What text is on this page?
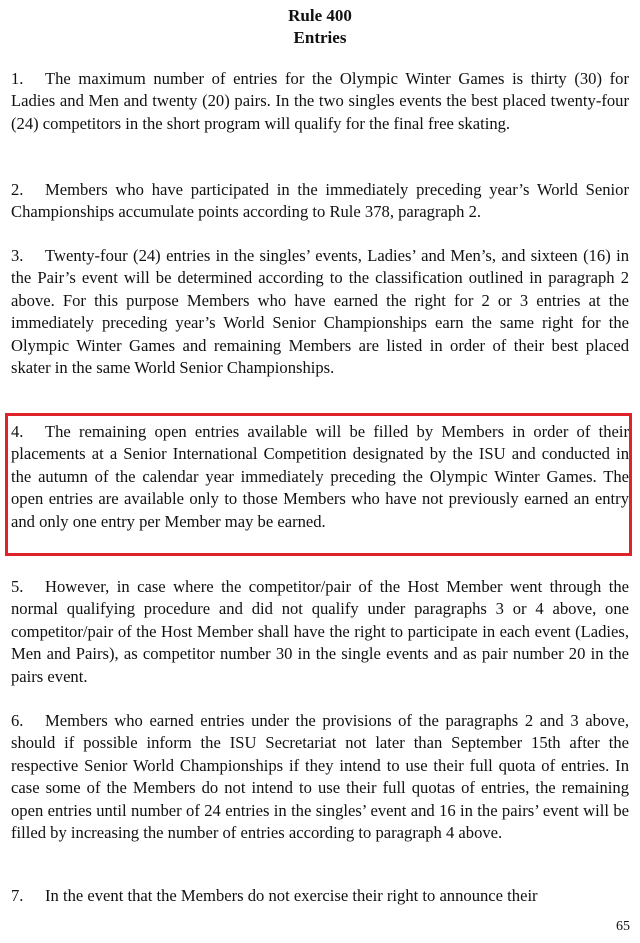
Rule 400
Entries
1. The maximum number of entries for the Olympic Winter Games is thirty (30) for Ladies and Men and twenty (20) pairs. In the two singles events the best placed twenty-four (24) competitors in the short program will qualify for the final free skating.
2. Members who have participated in the immediately preceding year’s World Senior Championships accumulate points according to Rule 378, paragraph 2.
3. Twenty-four (24) entries in the singles’ events, Ladies’ and Men’s, and sixteen (16) in the Pair’s event will be determined according to the classification outlined in paragraph 2 above. For this purpose Members who have earned the right for 2 or 3 entries at the immediately preceding year’s World Senior Championships earn the same right for the Olympic Winter Games and remaining Members are listed in order of their best placed skater in the same World Senior Championships.
4. The remaining open entries available will be filled by Members in order of their placements at a Senior International Competition designated by the ISU and conducted in the autumn of the calendar year immediately preceding the Olympic Winter Games. The open entries are available only to those Members who have not previously earned an entry and only one entry per Member may be earned.
5. However, in case where the competitor/pair of the Host Member went through the normal qualifying procedure and did not qualify under paragraphs 3 or 4 above, one competitor/pair of the Host Member shall have the right to participate in each event (Ladies, Men and Pairs), as competitor number 30 in the single events and as pair number 20 in the pairs event.
6. Members who earned entries under the provisions of the paragraphs 2 and 3 above, should if possible inform the ISU Secretariat not later than September 15th after the respective Senior World Championships if they intend to use their full quota of entries. In case some of the Members do not intend to use their full quotas of entries, the remaining open entries until number of 24 entries in the singles’ event and 16 in the pairs’ event will be filled by increasing the number of entries according to paragraph 4 above.
7. In the event that the Members do not exercise their right to announce their
65
